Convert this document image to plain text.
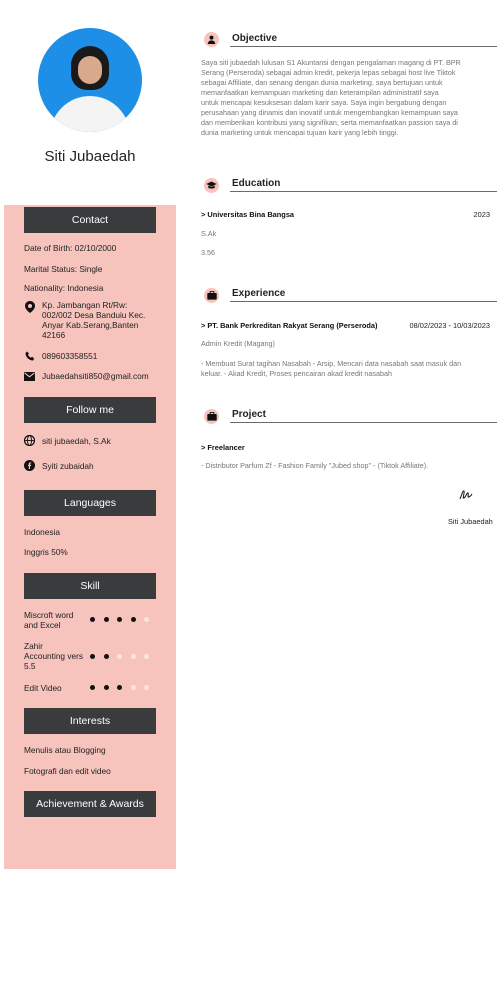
Siti Jubaedah
Contact
Date of Birth: 02/10/2000
Marital Status: Single
Nationality: Indonesia
Kp. Jambangan Rt/Rw:
002/002 Desa Banduiu Kec.
Anyar Kab.Serang,Banten
42166
089603358551
Jubaedahsiti850@gmail.com
Follow me
siti jubaedah, S.Ak
Syiti zubaidah
Languages
Indonesia
Inggris 50%
Skill
Miscroft word
and Excel
Zahir
Accounting vers
5.5
Edit Video
Interests
Menulis atau Blogging
Fotografi dan edit video
Achievement & Awards
Objective
Saya siti jubaedah lulusan S1 Akuntansi dengan pengalaman magang di PT. BPR
Serang (Perseroda) sebagai admin kredit, pekerja lepas sebagai host live Tiktok
sebagai Affiliate, dan senang dengan dunia marketing. saya bertujuan untuk
memanfaatkan kemampuan marketing dan keterampilan administratif saya
untuk mencapai kesuksesan dalam karir saya. Saya ingin bergabung dengan
perusahaan yang dinamis dan inovatif untuk mengembangkan kemampuan saya
dan memberikan kontribusi yang signifikan, serta memanfaatkan passion saya di
dunia marketing untuk mencapai tujuan karir yang lebih tinggi.
Education
> Universitas Bina Bangsa	2023
S.Ak
3.56
Experience
> PT. Bank Perkreditan Rakyat Serang (Perseroda)	08/02/2023 - 10/03/2023
Admin Kredit (Magang)
- Membuat Surat tagihan Nasabah - Arsip, Mencari data nasabah saat masuk dan
keluar. - Akad Kredit, Proses pencairan akad kredit nasabah
Project
> Freelancer
- Distributor Parfum Zf - Fashion Family "Jubed shop" - (Tiktok Affiliate).
Siti Jubaedah
